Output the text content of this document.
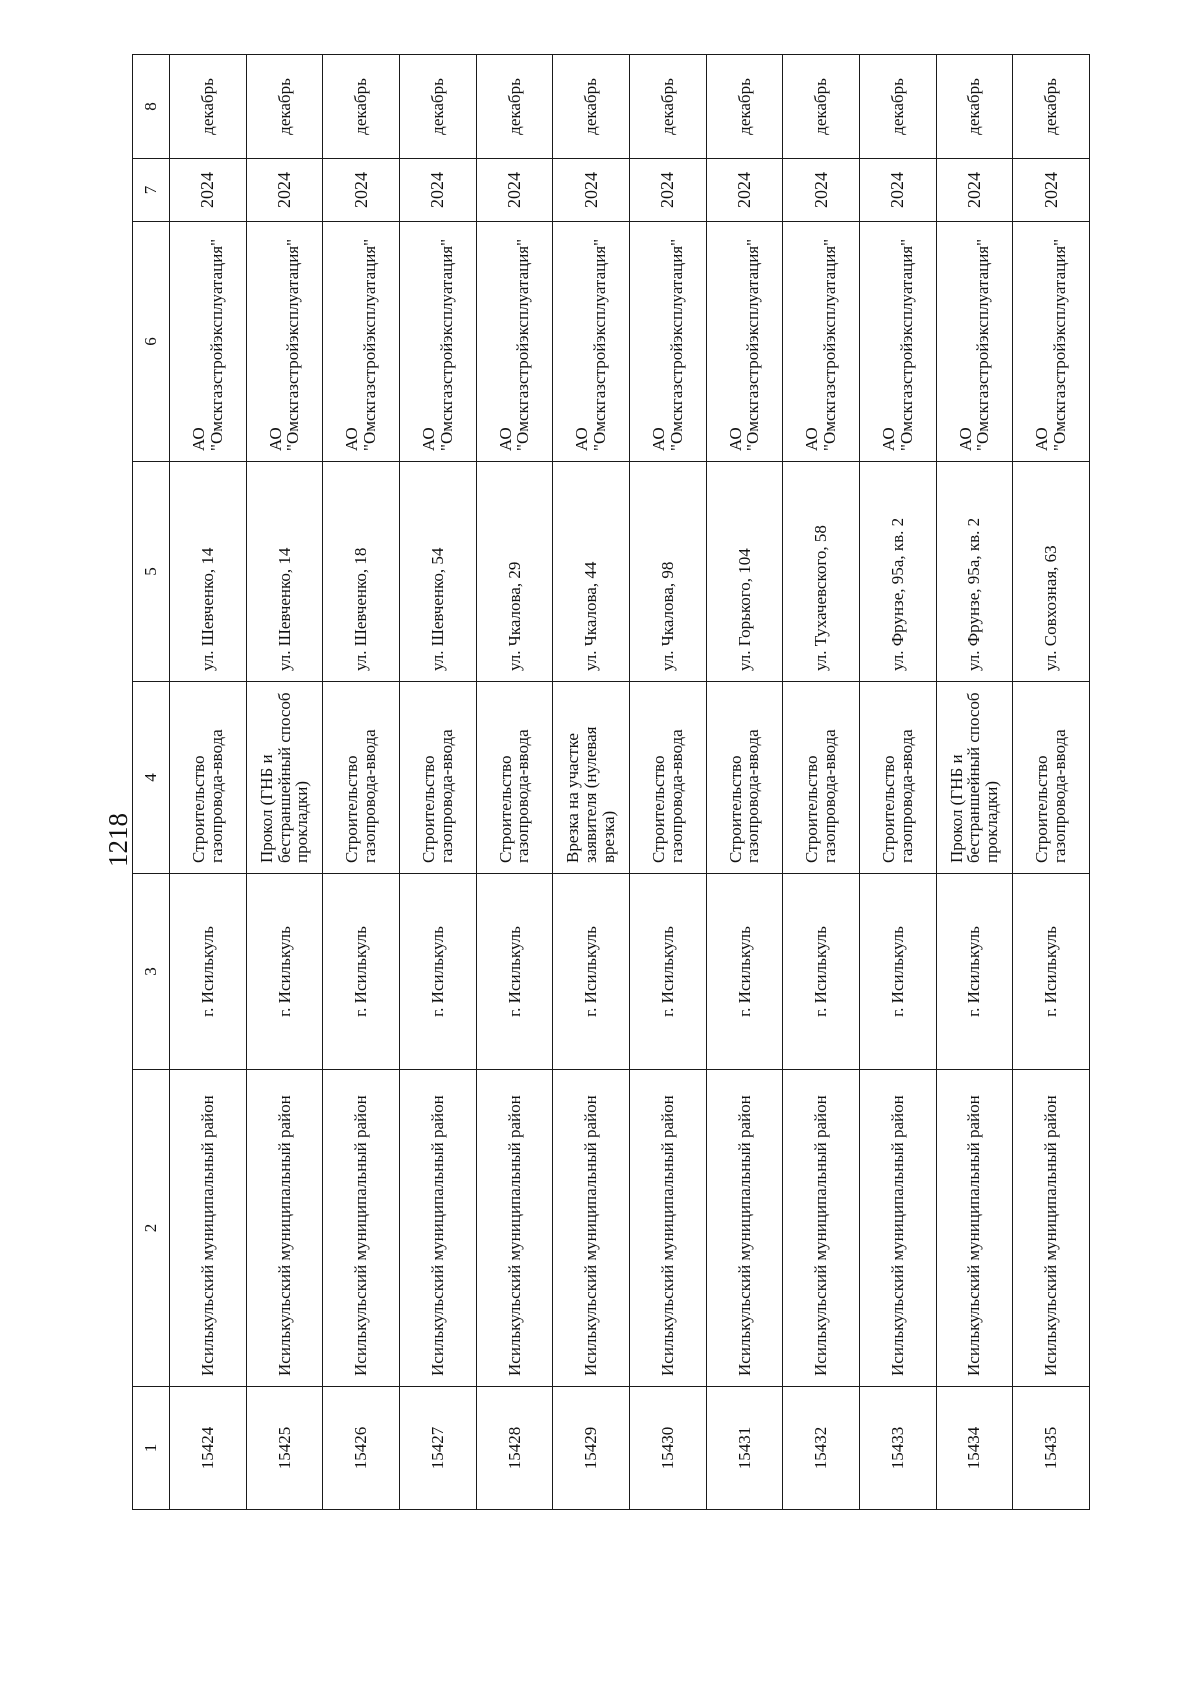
1218
1	2	3	4	5	6	7	8
15424	Исилькульский муниципальный район	г. Исилькуль	Строительство газопровода-ввода	ул. Шевченко, 14	АО "Омскгазстройэксплуатация"	2024	декабрь
15425	Исилькульский муниципальный район	г. Исилькуль	Прокол (ГНБ и бестраншейный способ прокладки)	ул. Шевченко, 14	АО "Омскгазстройэксплуатация"	2024	декабрь
15426	Исилькульский муниципальный район	г. Исилькуль	Строительство газопровода-ввода	ул. Шевченко, 18	АО "Омскгазстройэксплуатация"	2024	декабрь
15427	Исилькульский муниципальный район	г. Исилькуль	Строительство газопровода-ввода	ул. Шевченко, 54	АО "Омскгазстройэксплуатация"	2024	декабрь
15428	Исилькульский муниципальный район	г. Исилькуль	Строительство газопровода-ввода	ул. Чкалова, 29	АО "Омскгазстройэксплуатация"	2024	декабрь
15429	Исилькульский муниципальный район	г. Исилькуль	Врезка на участке заявителя (нулевая врезка)	ул. Чкалова, 44	АО "Омскгазстройэксплуатация"	2024	декабрь
15430	Исилькульский муниципальный район	г. Исилькуль	Строительство газопровода-ввода	ул. Чкалова, 98	АО "Омскгазстройэксплуатация"	2024	декабрь
15431	Исилькульский муниципальный район	г. Исилькуль	Строительство газопровода-ввода	ул. Горького, 104	АО "Омскгазстройэксплуатация"	2024	декабрь
15432	Исилькульский муниципальный район	г. Исилькуль	Строительство газопровода-ввода	ул. Тухачевского, 58	АО "Омскгазстройэксплуатация"	2024	декабрь
15433	Исилькульский муниципальный район	г. Исилькуль	Строительство газопровода-ввода	ул. Фрунзе, 95а, кв. 2	АО "Омскгазстройэксплуатация"	2024	декабрь
15434	Исилькульский муниципальный район	г. Исилькуль	Прокол (ГНБ и бестраншейный способ прокладки)	ул. Фрунзе, 95а, кв. 2	АО "Омскгазстройэксплуатация"	2024	декабрь
15435	Исилькульский муниципальный район	г. Исилькуль	Строительство газопровода-ввода	ул. Совхозная, 63	АО "Омскгазстройэксплуатация"	2024	декабрь
